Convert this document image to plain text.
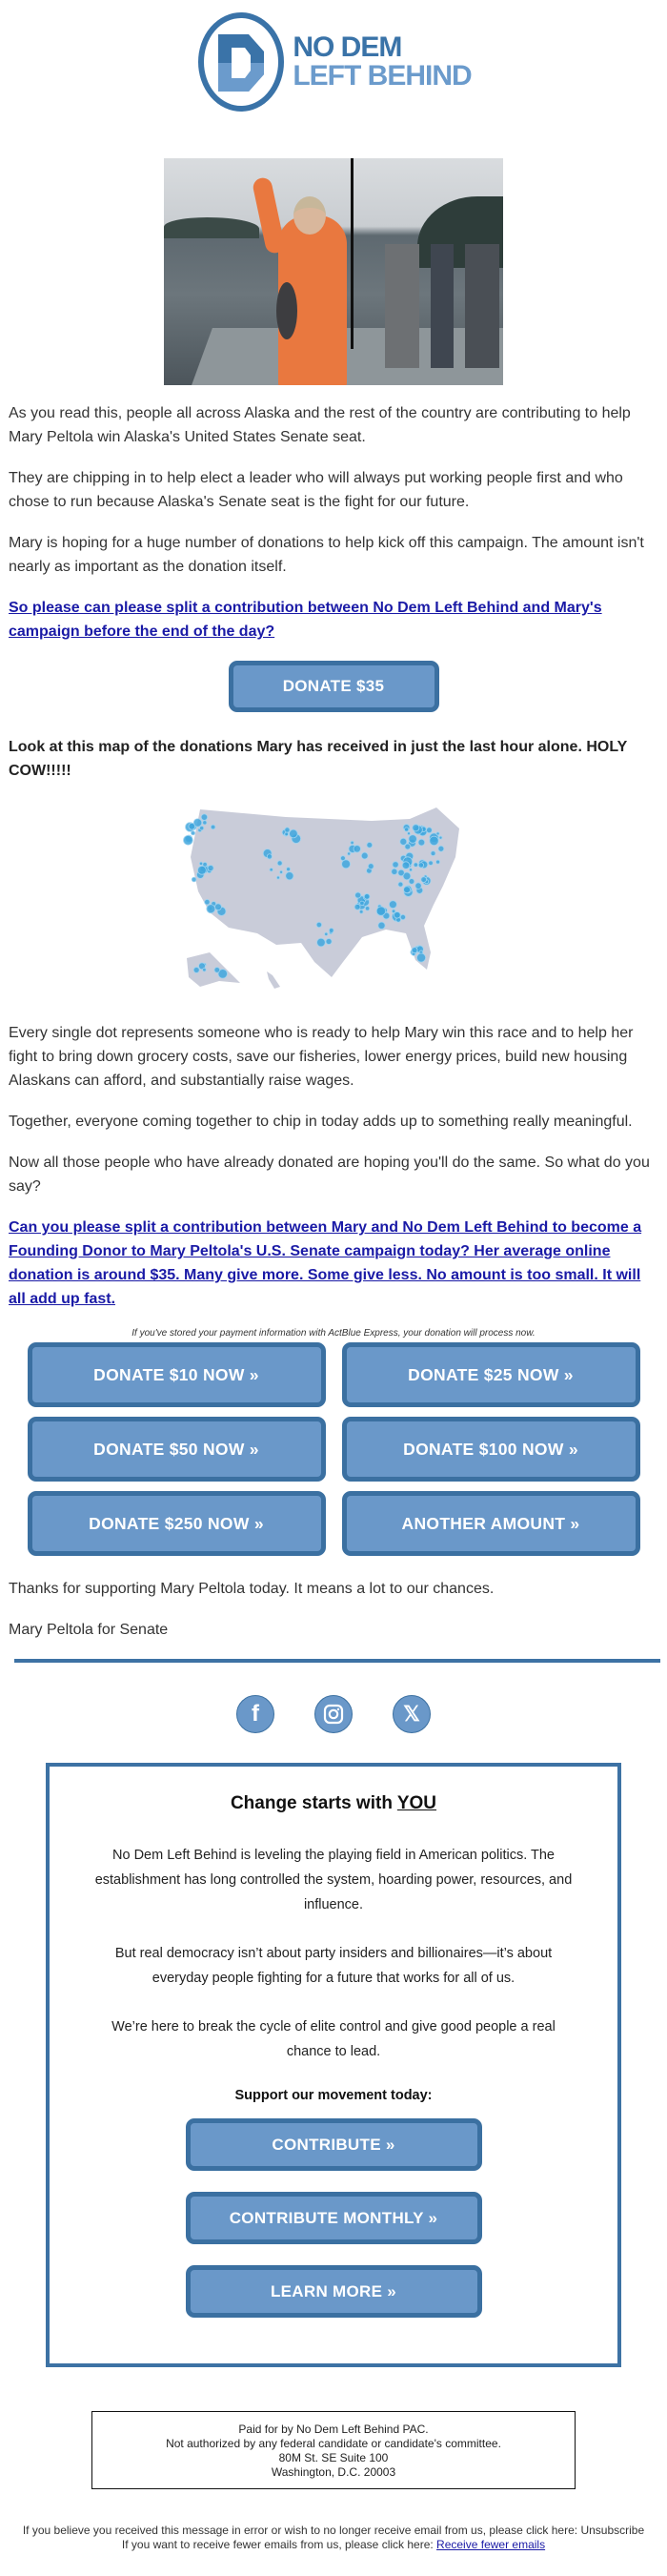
NO DEM
LEFT BEHIND

As you read this, people all across Alaska and the rest of the country are contributing to help Mary Peltola win Alaska's United States Senate seat.

They are chipping in to help elect a leader who will always put working people first and who chose to run because Alaska's Senate seat is the fight for our future.

Mary is hoping for a huge number of donations to help kick off this campaign. The amount isn't nearly as important as the donation itself.

So please can please split a contribution between No Dem Left Behind and Mary's campaign before the end of the day?

DONATE $35

Look at this map of the donations Mary has received in just the last hour alone. HOLY COW!!!!!

Every single dot represents someone who is ready to help Mary win this race and to help her fight to bring down grocery costs, save our fisheries, lower energy prices, build new housing Alaskans can afford, and substantially raise wages.

Together, everyone coming together to chip in today adds up to something really meaningful.

Now all those people who have already donated are hoping you'll do the same. So what do you say?

Can you please split a contribution between Mary and No Dem Left Behind to become a Founding Donor to Mary Peltola's U.S. Senate campaign today? Her average online donation is around $35. Many give more. Some give less. No amount is too small. It will all add up fast.

If you've stored your payment information with ActBlue Express, your donation will process now.
DONATE $10 NOW »	DONATE $25 NOW »
DONATE $50 NOW »	DONATE $100 NOW »
DONATE $250 NOW »	ANOTHER AMOUNT »

Thanks for supporting Mary Peltola today. It means a lot to our chances.

Mary Peltola for Senate

f	𝕏
Change starts with YOU

No Dem Left Behind is leveling the playing field in American politics. The establishment has long controlled the system, hoarding power, resources, and influence.

But real democracy isn’t about party insiders and billionaires—it’s about everyday people fighting for a future that works for all of us.

We’re here to break the cycle of elite control and give good people a real chance to lead.

Support our movement today:
CONTRIBUTE »
CONTRIBUTE MONTHLY »
LEARN MORE »
Paid for by No Dem Left Behind PAC.
Not authorized by any federal candidate or candidate's committee.
80M St. SE Suite 100
Washington, D.C. 20003
If you believe you received this message in error or wish to no longer receive email from us, please click here: Unsubscribe
If you want to receive fewer emails from us, please click here: Receive fewer emails
